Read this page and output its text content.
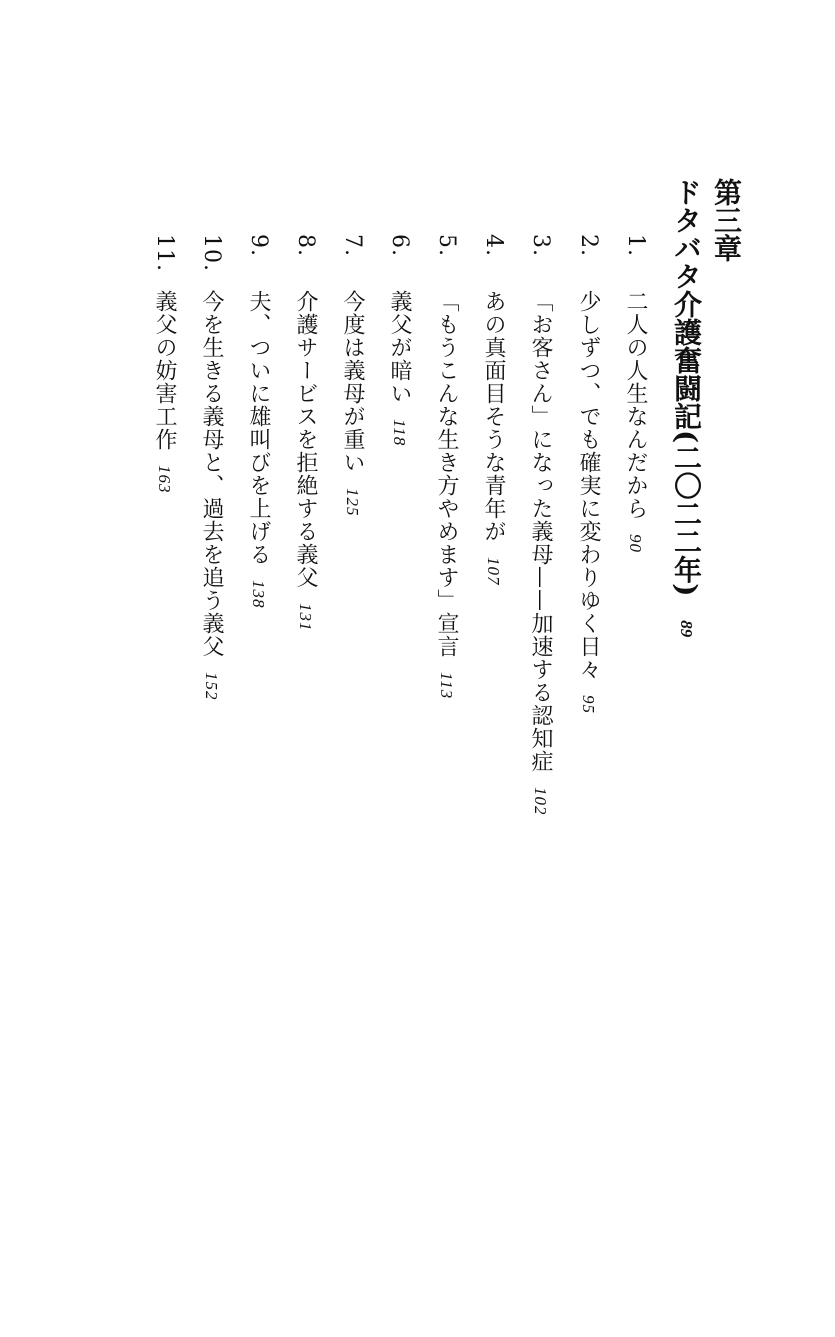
第三章
ドタバタ介護奮闘記(二〇二二年) 89
1.二人の人生なんだから90
2.少しずつ、でも確実に変わりゆく日々95
3.「お客さん」になった義母——加速する認知症102
4.あの真面目そうな青年が107
5.「もうこんな生き方やめます」宣言113
6.義父が暗い118
7.今度は義母が重い125
8.介護サービスを拒絶する義父131
9.夫、ついに雄叫びを上げる138
10.今を生きる義母と、過去を追う義父152
11.義父の妨害工作163
